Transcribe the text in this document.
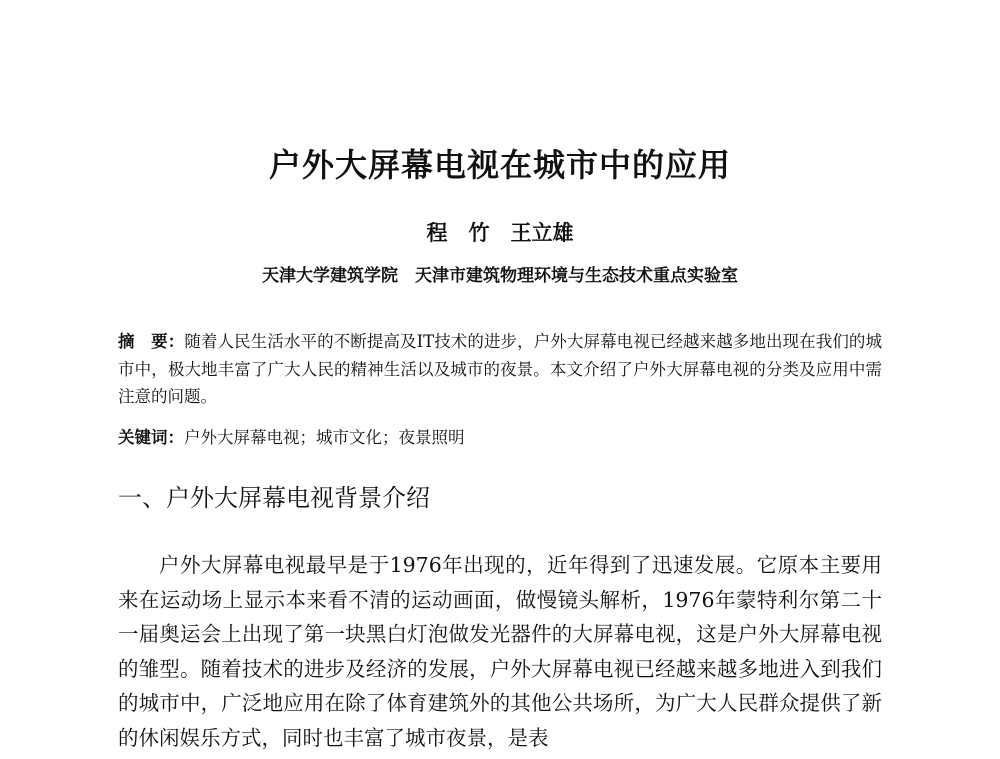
户外大屏幕电视在城市中的应用
程　竹　王立雄
天津大学建筑学院　天津市建筑物理环境与生态技术重点实验室
摘　要：随着人民生活水平的不断提高及IT技术的进步，户外大屏幕电视已经越来越多地出现在我们的城市中，极大地丰富了广大人民的精神生活以及城市的夜景。本文介绍了户外大屏幕电视的分类及应用中需注意的问题。
关键词：户外大屏幕电视；城市文化；夜景照明
一、户外大屏幕电视背景介绍
户外大屏幕电视最早是于1976年出现的，近年得到了迅速发展。它原本主要用来在运动场上显示本来看不清的运动画面，做慢镜头解析，1976年蒙特利尔第二十一届奥运会上出现了第一块黑白灯泡做发光器件的大屏幕电视，这是户外大屏幕电视的雏型。随着技术的进步及经济的发展，户外大屏幕电视已经越来越多地进入到我们的城市中，广泛地应用在除了体育建筑外的其他公共场所，为广大人民群众提供了新的休闲娱乐方式，同时也丰富了城市夜景，是表
